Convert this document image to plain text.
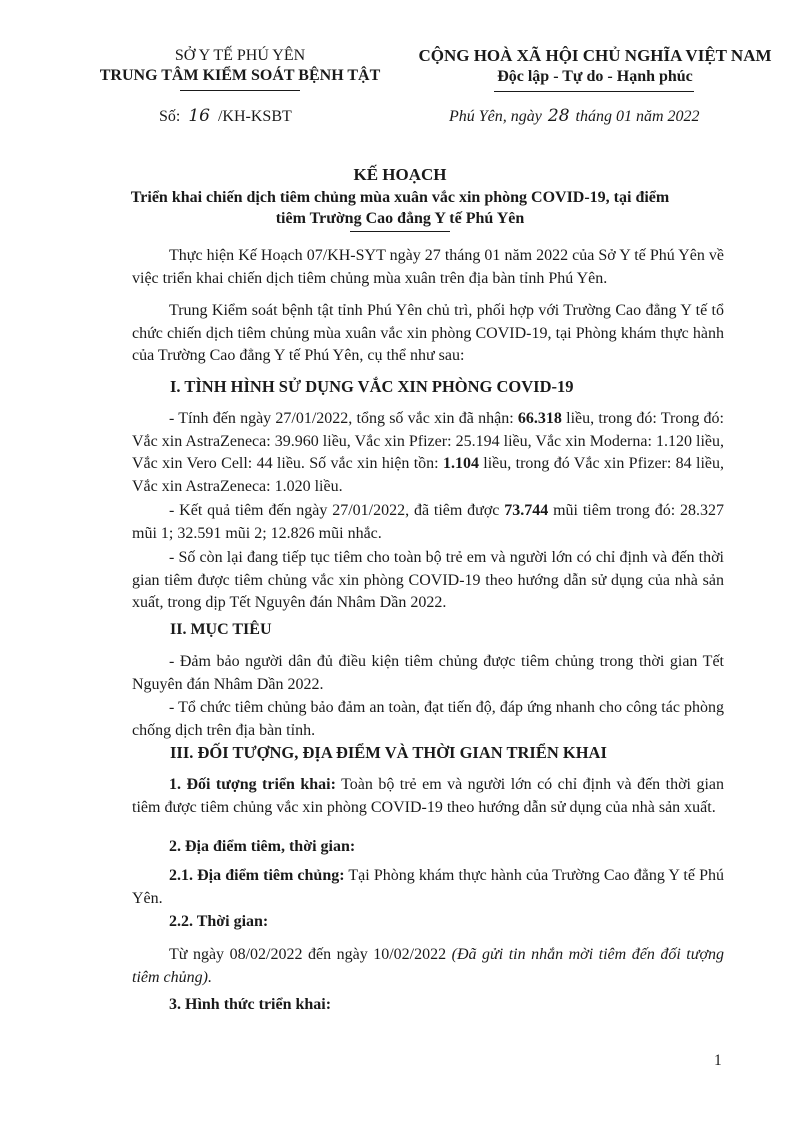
SỞ Y TẾ PHÚ YÊN
TRUNG TÂM KIỂM SOÁT BỆNH TẬT
CỘNG HOÀ XÃ HỘI CHỦ NGHĨA VIỆT NAM
Độc lập - Tự do - Hạnh phúc
Số: 16 /KH-KSBT	Phú Yên, ngày 28 tháng 01 năm 2022
KẾ HOẠCH
Triển khai chiến dịch tiêm chủng mùa xuân vắc xin phòng COVID-19, tại điểm
tiêm Trường Cao đẳng Y tế Phú Yên
Thực hiện Kế Hoạch 07/KH-SYT ngày 27 tháng 01 năm 2022 của Sở Y tế Phú Yên về việc triển khai chiến dịch tiêm chủng mùa xuân trên địa bàn tỉnh Phú Yên.
Trung Kiểm soát bệnh tật tỉnh Phú Yên chủ trì, phối hợp với Trường Cao đẳng Y tế tổ chức chiến dịch tiêm chủng mùa xuân vắc xin phòng COVID-19, tại Phòng khám thực hành của Trường Cao đẳng Y tế Phú Yên, cụ thể như sau:
I. TÌNH HÌNH SỬ DỤNG VẮC XIN PHÒNG COVID-19
- Tính đến ngày 27/01/2022, tổng số vắc xin đã nhận: 66.318 liều, trong đó: Trong đó: Vắc xin AstraZeneca: 39.960 liều, Vắc xin Pfizer: 25.194 liều, Vắc xin Moderna: 1.120 liều, Vắc xin Vero Cell: 44 liều. Số vắc xin hiện tồn: 1.104 liều, trong đó Vắc xin Pfizer: 84 liều, Vắc xin AstraZeneca: 1.020 liều.
- Kết quả tiêm đến ngày 27/01/2022, đã tiêm được 73.744 mũi tiêm trong đó: 28.327 mũi 1; 32.591 mũi 2; 12.826 mũi nhắc.
- Số còn lại đang tiếp tục tiêm cho toàn bộ trẻ em và người lớn có chỉ định và đến thời gian tiêm được tiêm chủng vắc xin phòng COVID-19 theo hướng dẫn sử dụng của nhà sản xuất, trong dịp Tết Nguyên đán Nhâm Dần 2022.
II. MỤC TIÊU
- Đảm bảo người dân đủ điều kiện tiêm chủng được tiêm chủng trong thời gian Tết Nguyên đán Nhâm Dần 2022.
- Tổ chức tiêm chủng bảo đảm an toàn, đạt tiến độ, đáp ứng nhanh cho công tác phòng chống dịch trên địa bàn tỉnh.
III. ĐỐI TƯỢNG, ĐỊA ĐIỂM VÀ THỜI GIAN TRIỂN KHAI
1. Đối tượng triển khai: Toàn bộ trẻ em và người lớn có chỉ định và đến thời gian tiêm được tiêm chủng vắc xin phòng COVID-19 theo hướng dẫn sử dụng của nhà sản xuất.
2. Địa điểm tiêm, thời gian:
2.1. Địa điểm tiêm chủng: Tại Phòng khám thực hành của Trường Cao đẳng Y tế Phú Yên.
2.2. Thời gian:
Từ ngày 08/02/2022 đến ngày 10/02/2022 (Đã gửi tin nhắn mời tiêm đến đối tượng tiêm chủng).
3. Hình thức triển khai:
1
